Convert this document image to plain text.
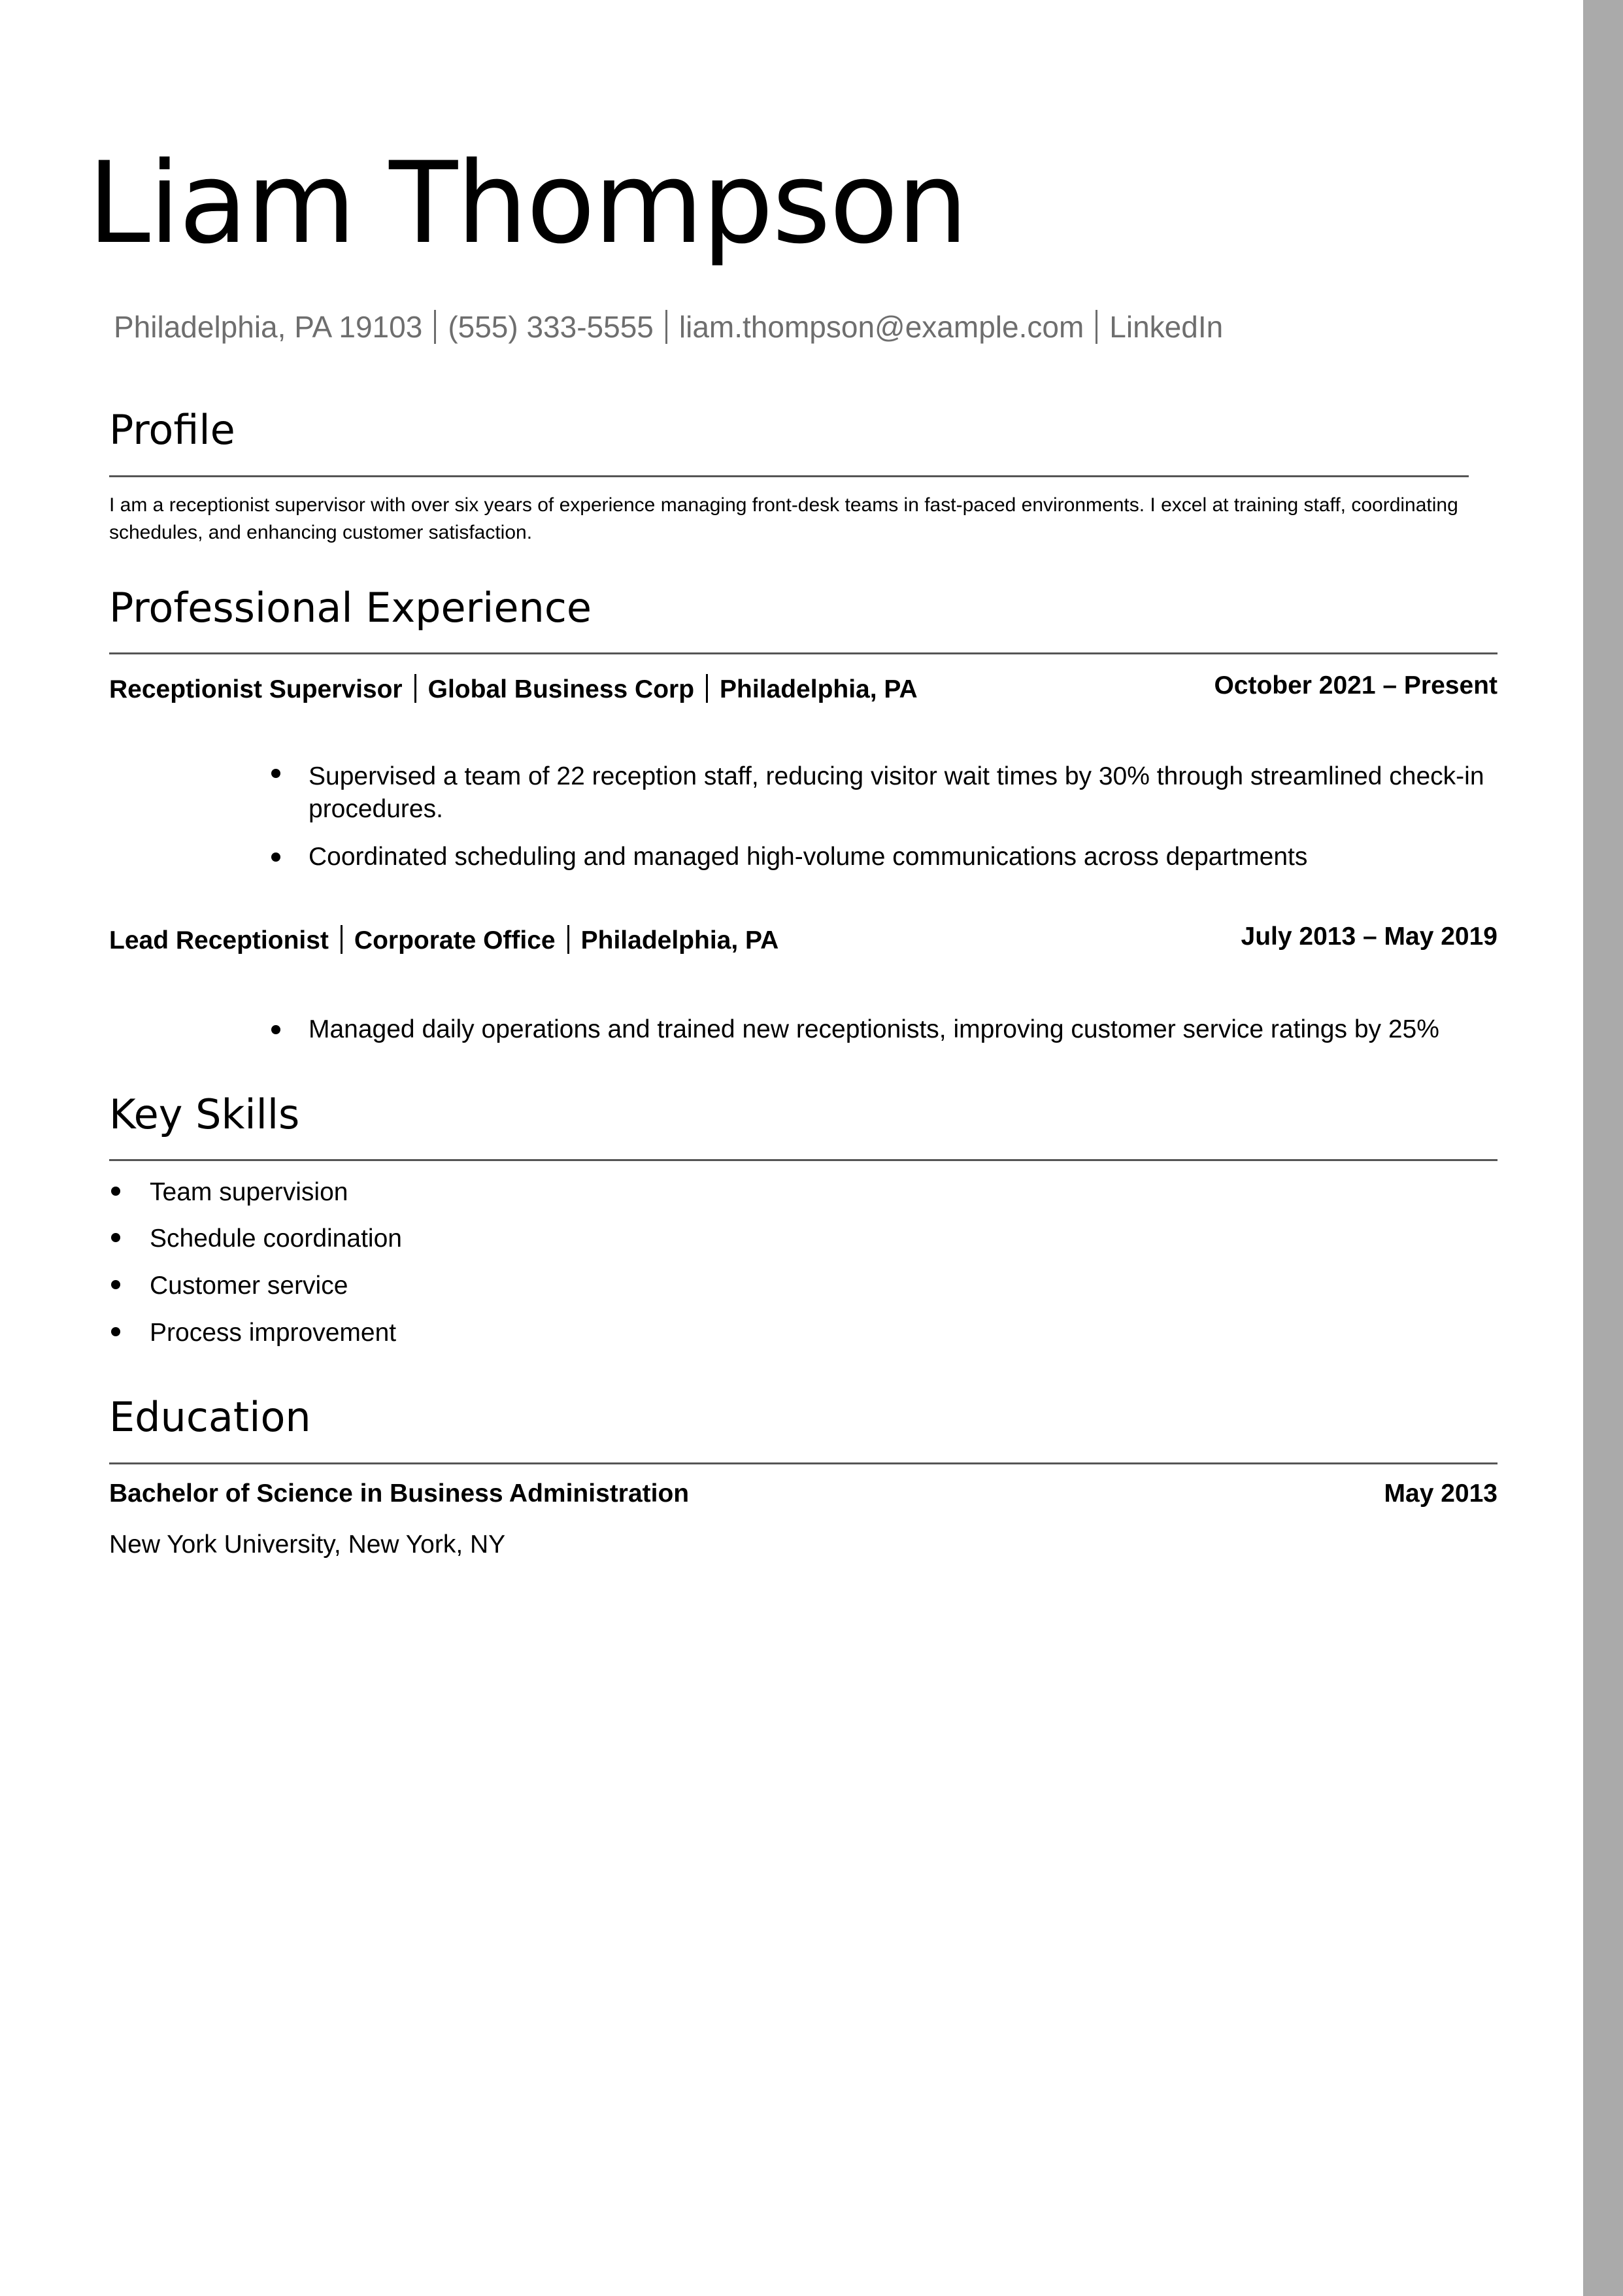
Liam Thompson
Philadelphia, PA 19103 (555) 333-5555 liam.thompson@example.com LinkedIn
Profile
I am a receptionist supervisor with over six years of experience managing front-desk teams in fast-paced environments. I excel at training staff, coordinating schedules, and enhancing customer satisfaction.
Professional Experience
Receptionist Supervisor Global Business Corp Philadelphia, PA	October 2021 – Present
Supervised a team of 22 reception staff, reducing visitor wait times by 30% through streamlined check-in procedures.
Coordinated scheduling and managed high-volume communications across departments
Lead Receptionist Corporate Office Philadelphia, PA	July 2013 – May 2019
Managed daily operations and trained new receptionists, improving customer service ratings by 25%
Key Skills
Team supervision
Schedule coordination
Customer service
Process improvement
Education
Bachelor of Science in Business Administration	May 2013
New York University, New York, NY
